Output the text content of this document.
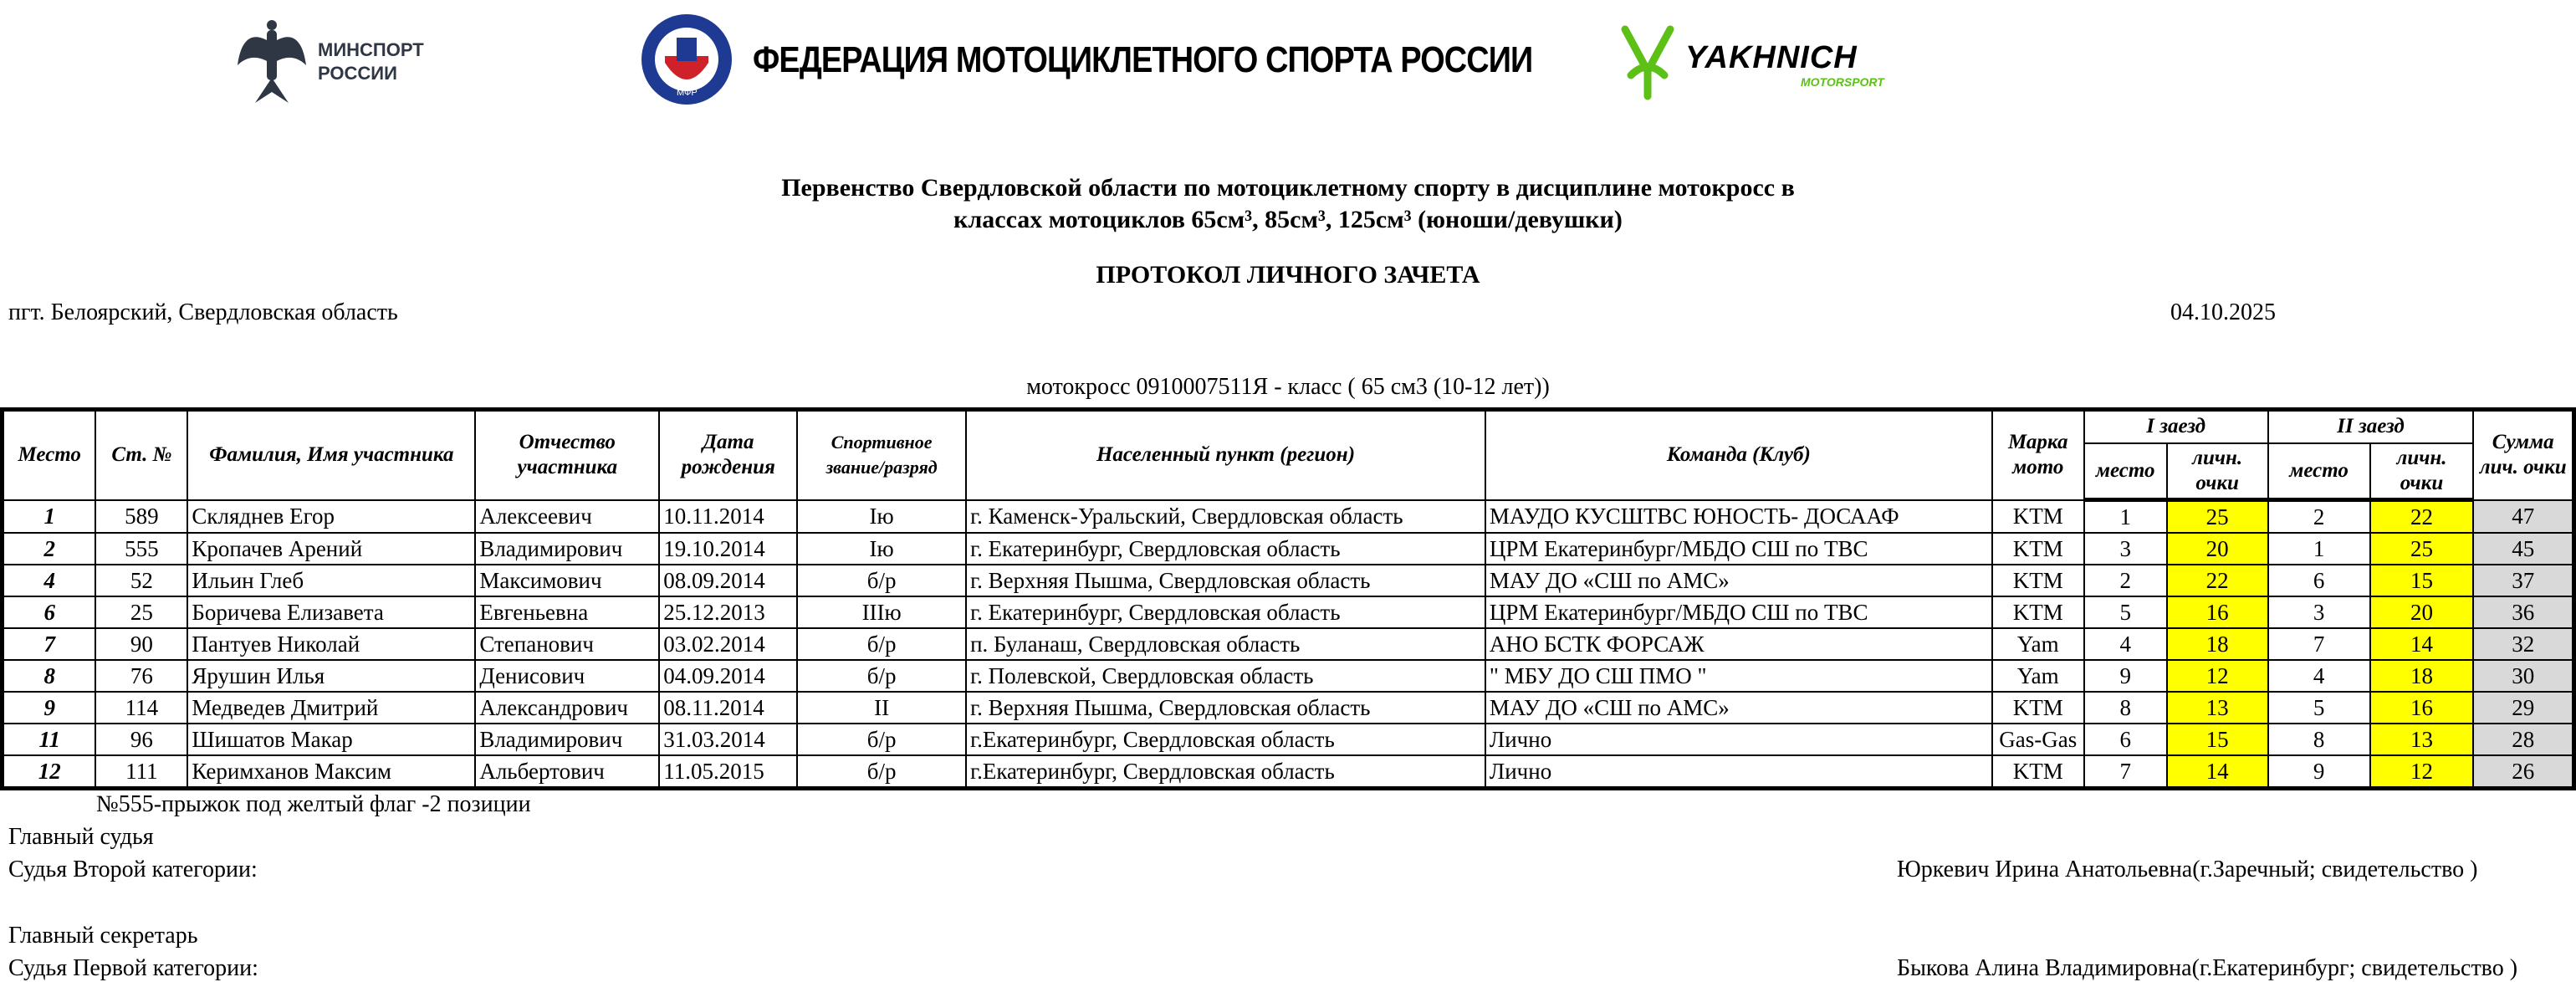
МИНСПОРТ РОССИИ
МФР
ФЕДЕРАЦИЯ МОТОЦИКЛЕТНОГО СПОРТА РОССИИ	YAKHNICH
MOTORSPORT
Первенство Свердловской области по мотоциклетному спорту в дисциплине мотокросс в
классах мотоциклов 65см³, 85см³, 125см³ (юноши/девушки)
ПРОТОКОЛ ЛИЧНОГО ЗАЧЕТА
пгт. Белоярский, Свердловская область	04.10.2025
мотокросс 0910007511Я - класс ( 65 см3 (10-12 лет))
Место	Ст. №	Фамилия, Имя участника	Отчество участника	Дата рождения	Спортивное звание/разряд	Населенный пункт (регион)	Команда (Клуб)	Марка мото	I заезд		II заезд		Сумма лич. очки
									место	личн. очки	место	личн. очки	
1	589	Скляднев Егор	Алексеевич	10.11.2014	Iю	г. Каменск-Уральский, Свердловская область	МАУДО КУСШТВС ЮНОСТЬ- ДОСААФ	KTM	1	25	2	22	47
2	555	Кропачев Арений	Владимирович	19.10.2014	Iю	г. Екатеринбург, Свердловская область	ЦРМ Екатеринбург/МБДО СШ по ТВС	KTM	3	20	1	25	45
4	52	Ильин Глеб	Максимович	08.09.2014	б/р	г. Верхняя Пышма, Свердловская область	МАУ ДО «СШ по АМС»	KTM	2	22	6	15	37
6	25	Боричева Елизавета	Евгеньевна	25.12.2013	IIIю	г. Екатеринбург, Свердловская область	ЦРМ Екатеринбург/МБДО СШ по ТВС	KTM	5	16	3	20	36
7	90	Пантуев Николай	Степанович	03.02.2014	б/р	п. Буланаш, Свердловская область	АНО БСТК ФОРСАЖ	Yam	4	18	7	14	32
8	76	Ярушин Илья	Денисович	04.09.2014	б/р	г. Полевской, Свердловская область	" МБУ ДО СШ ПМО "	Yam	9	12	4	18	30
9	114	Медведев Дмитрий	Александрович	08.11.2014	II	г. Верхняя Пышма, Свердловская область	МАУ ДО «СШ по АМС»	KTM	8	13	5	16	29
11	96	Шишатов Макар	Владимирович	31.03.2014	б/р	г.Екатеринбург, Свердловская область	Лично	Gas-Gas	6	15	8	13	28
12	111	Керимханов Максим	Альбертович	11.05.2015	б/р	г.Екатеринбург, Свердловская область	Лично	KTM	7	14	9	12	26
№555-прыжок под желтый флаг -2 позиции
Главный судья
Судья Второй категории:	Юркевич Ирина Анатольевна(г.Заречный; свидетельство )
Главный секретарь
Судья Первой категории:	Быкова Алина Владимировна(г.Екатеринбург; свидетельство )
